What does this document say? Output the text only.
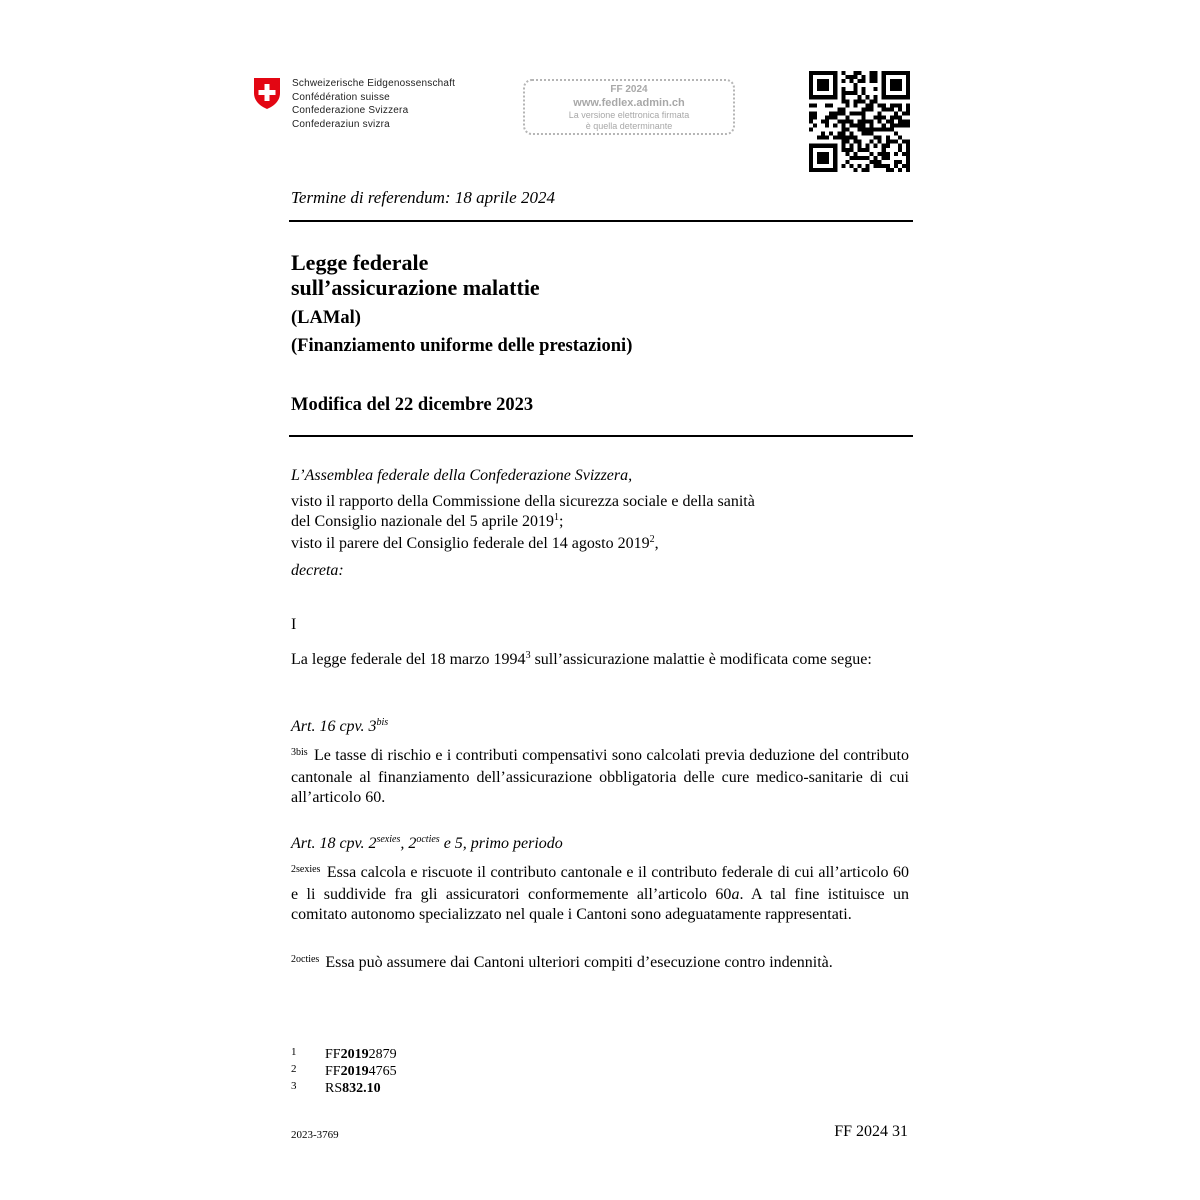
Schweizerische Eidgenossenschaft
Confédération suisse
Confederazione Svizzera
Confederaziun svizra
FF 2024
www.fedlex.admin.ch
La versione elettronica firmata
è quella determinante
Termine di referendum: 18 aprile 2024
Legge federale
sull’assicurazione malattie
(LAMal)
(Finanziamento uniforme delle prestazioni)
Modifica del 22 dicembre 2023
L’Assemblea federale della Confederazione Svizzera,
visto il rapporto della Commissione della sicurezza sociale e della sanità
del Consiglio nazionale del 5 aprile 2019$^1$;
visto il parere del Consiglio federale del 14 agosto 2019$^2$,
decreta:
I
La legge federale del 18 marzo 1994$^3$ sull’assicurazione malattie è modificata come segue:
Art. 16 cpv. $3^{bis}$
$^{3bis}$ Le tasse di rischio e i contributi compensativi sono calcolati previa deduzione del contributo cantonale al finanziamento dell’assicurazione obbligatoria delle cure medico-sanitarie di cui all’articolo 60.
Art. 18 cpv. $2^{sexies}$, $2^{octies}$ e 5, primo periodo
$^{2sexies}$ Essa calcola e riscuote il contributo cantonale e il contributo federale di cui all’articolo 60 e li suddivide fra gli assicuratori conformemente all’articolo 60a. A tal fine istituisce un comitato autonomo specializzato nel quale i Cantoni sono adeguatamente rappresentati.
$^{2octies}$ Essa può assumere dai Cantoni ulteriori compiti d’esecuzione contro indennità.
1	FF 2019 2879
2	FF 2019 4765
3	RS 832.10
2023-3769	FF 2024 31
